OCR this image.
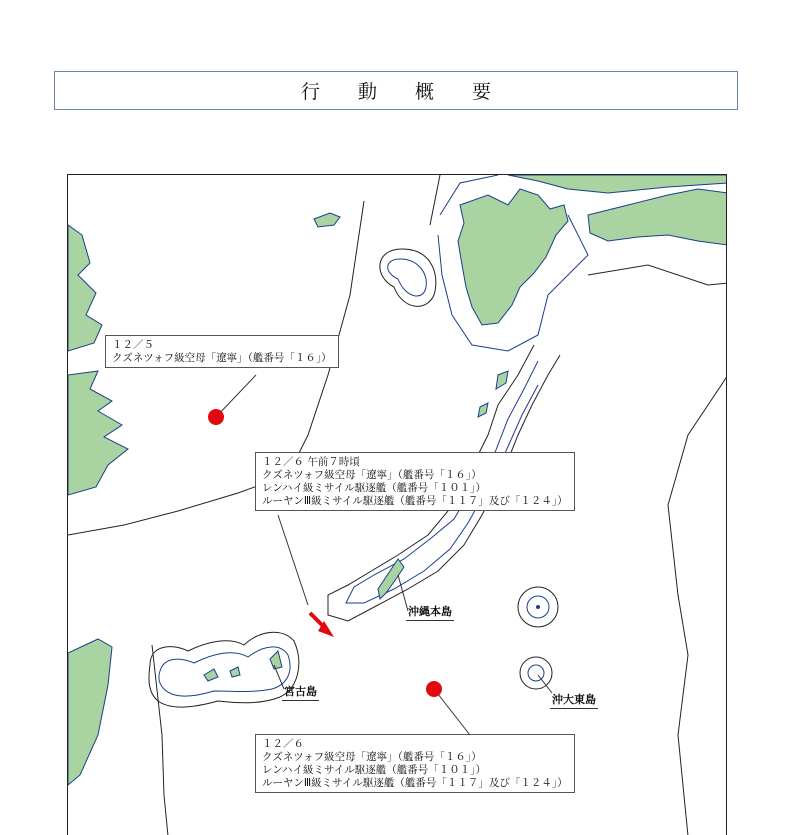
行 動 概 要
１２／５
クズネツォフ級空母「遼寧」（艦番号「１６」）
１２／６ 午前７時頃
クズネツォフ級空母「遼寧」（艦番号「１６」）
レンハイ級ミサイル駆逐艦（艦番号「１０１」）
ルーヤンⅢ級ミサイル駆逐艦（艦番号「１１７」及び「１２４」）
１２／６
クズネツォフ級空母「遼寧」（艦番号「１６」）
レンハイ級ミサイル駆逐艦（艦番号「１０１」）
ルーヤンⅢ級ミサイル駆逐艦（艦番号「１１７」及び「１２４」）
沖縄本島
宮古島
沖大東島
